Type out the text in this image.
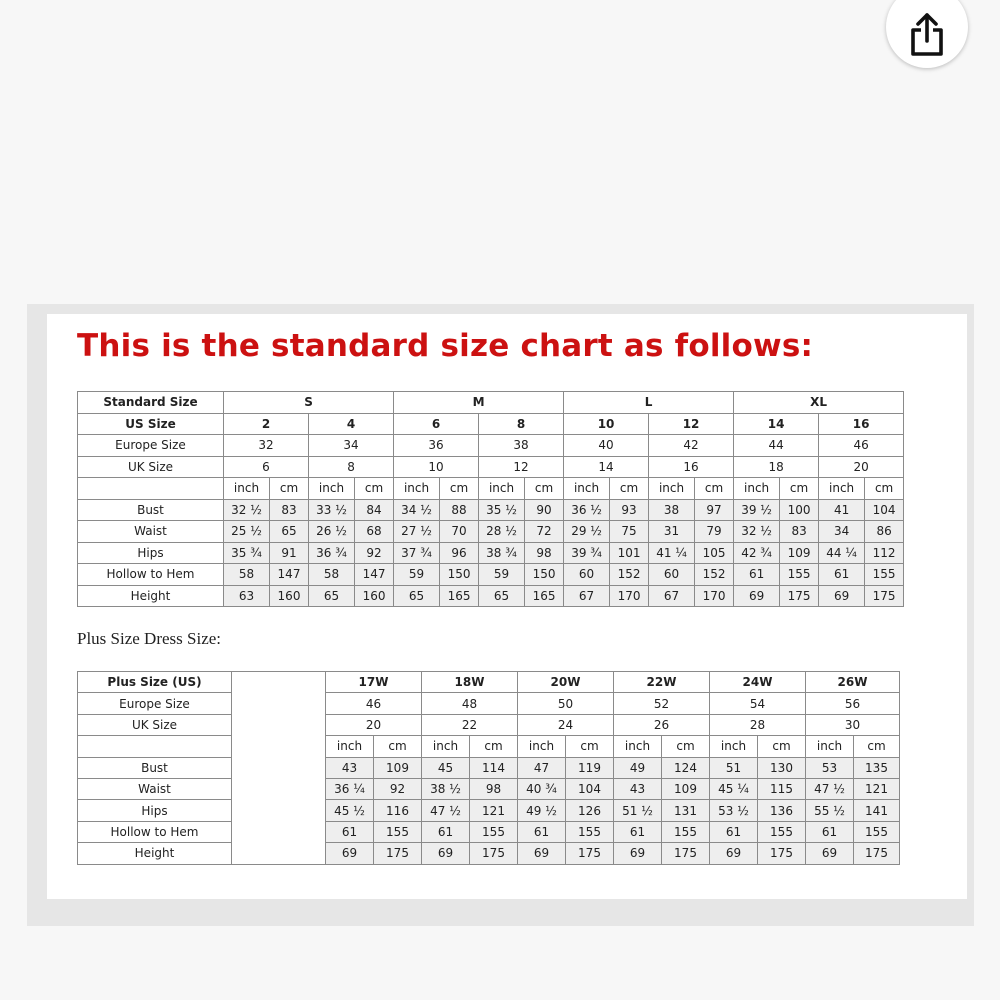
This is the standard size chart as follows:
Standard Size	S				M				L				XL			
US Size	2		4		6		8		10		12		14		16	
Europe Size	32		34		36		38		40		42		44		46	
UK Size	6		8		10		12		14		16		18		20	
	inch	cm	inch	cm	inch	cm	inch	cm	inch	cm	inch	cm	inch	cm	inch	cm
Bust	32 ½	83	33 ½	84	34 ½	88	35 ½	90	36 ½	93	38	97	39 ½	100	41	104
Waist	25 ½	65	26 ½	68	27 ½	70	28 ½	72	29 ½	75	31	79	32 ½	83	34	86
Hips	35 ¾	91	36 ¾	92	37 ¾	96	38 ¾	98	39 ¾	101	41 ¼	105	42 ¾	109	44 ¼	112
Hollow to Hem	58	147	58	147	59	150	59	150	60	152	60	152	61	155	61	155
Height	63	160	65	160	65	165	65	165	67	170	67	170	69	175	69	175

Plus Size Dress Size:

Plus Size (US)		17W		18W		20W		22W		24W		26W	
Europe Size		46		48		50		52		54		56	
UK Size		20		22		24		26		28		30	
		inch	cm	inch	cm	inch	cm	inch	cm	inch	cm	inch	cm
Bust		43	109	45	114	47	119	49	124	51	130	53	135
Waist		36 ¼	92	38 ½	98	40 ¾	104	43	109	45 ¼	115	47 ½	121
Hips		45 ½	116	47 ½	121	49 ½	126	51 ½	131	53 ½	136	55 ½	141
Hollow to Hem		61	155	61	155	61	155	61	155	61	155	61	155
Height		69	175	69	175	69	175	69	175	69	175	69	175
